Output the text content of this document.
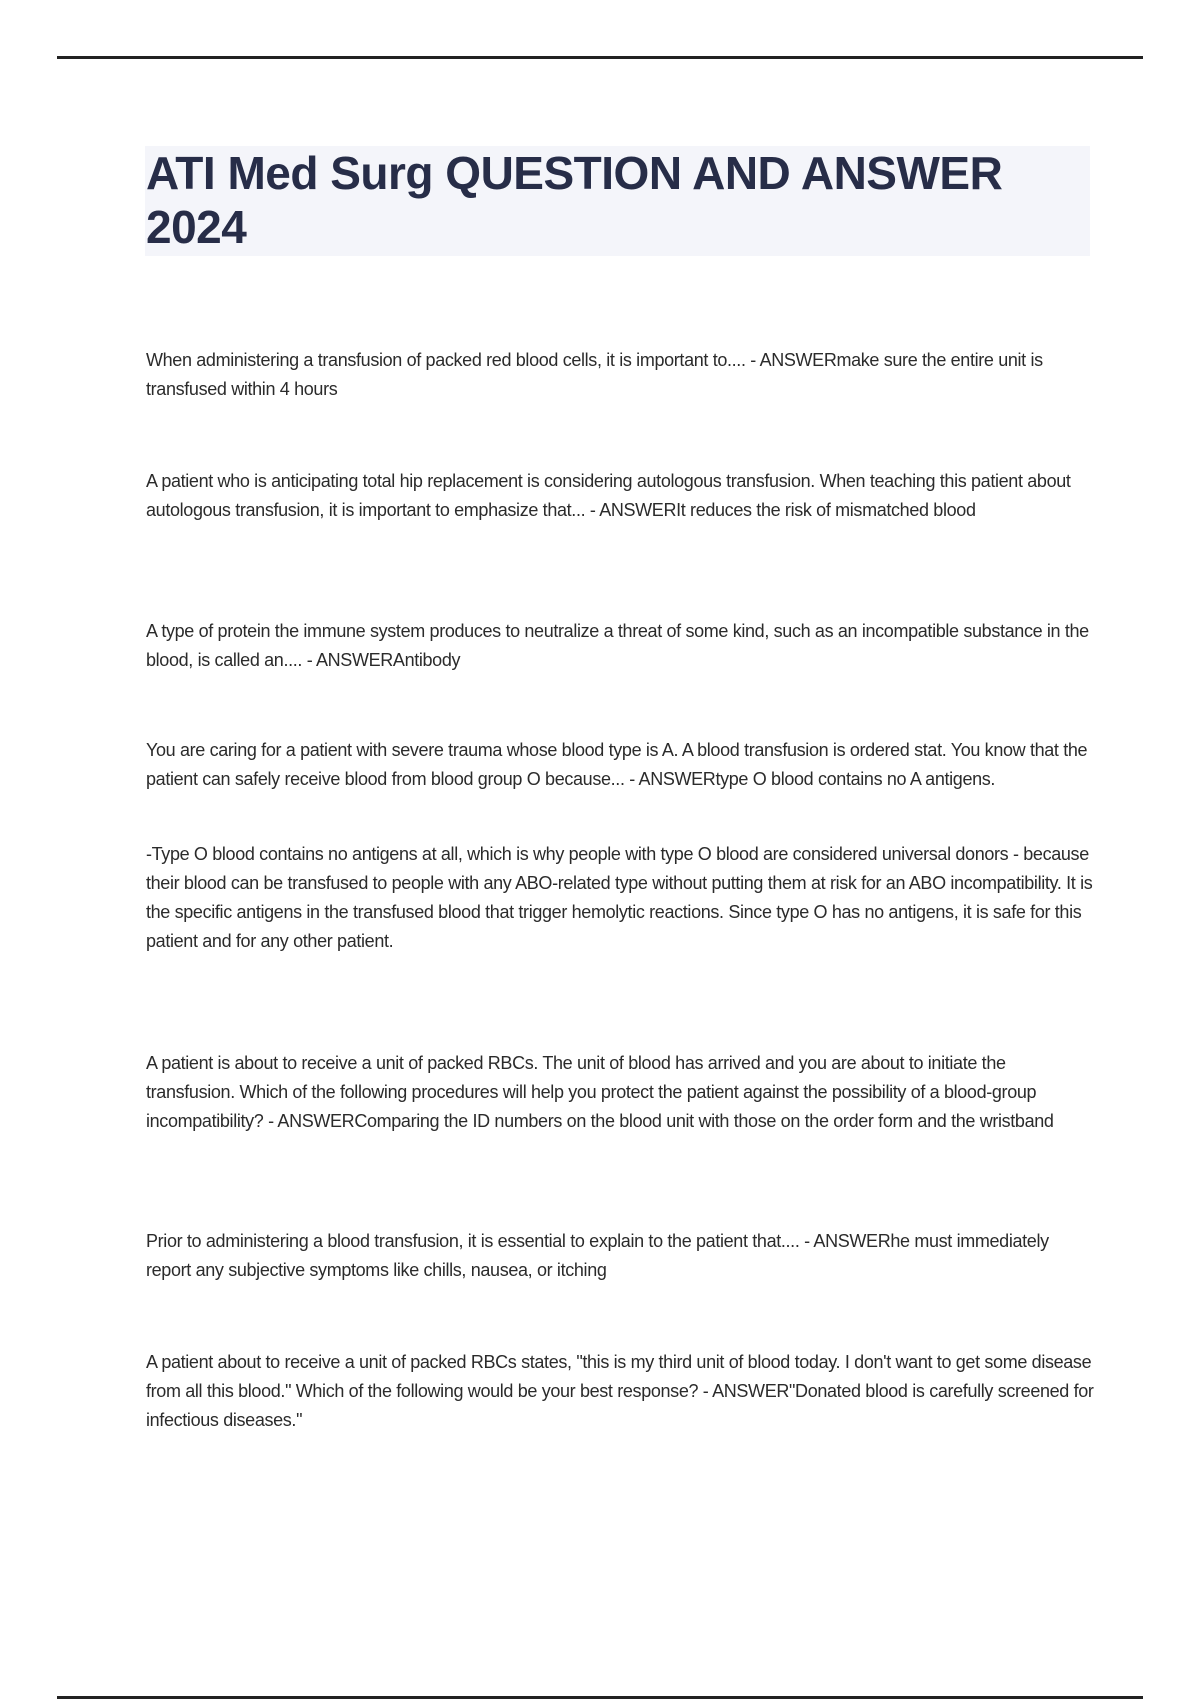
ATI Med Surg QUESTION AND ANSWER 2024

When administering a transfusion of packed red blood cells, it is important to.... - ANSWERmake sure the entire unit is transfused within 4 hours

A patient who is anticipating total hip replacement is considering autologous transfusion. When teaching this patient about autologous transfusion, it is important to emphasize that... - ANSWERIt reduces the risk of mismatched blood

A type of protein the immune system produces to neutralize a threat of some kind, such as an incompatible substance in the blood, is called an.... - ANSWERAntibody

You are caring for a patient with severe trauma whose blood type is A. A blood transfusion is ordered stat. You know that the patient can safely receive blood from blood group O because... - ANSWERtype O blood contains no A antigens.

-Type O blood contains no antigens at all, which is why people with type O blood are considered universal donors - because their blood can be transfused to people with any ABO-related type without putting them at risk for an ABO incompatibility. It is the specific antigens in the transfused blood that trigger hemolytic reactions. Since type O has no antigens, it is safe for this patient and for any other patient.

A patient is about to receive a unit of packed RBCs. The unit of blood has arrived and you are about to initiate the transfusion. Which of the following procedures will help you protect the patient against the possibility of a blood-group incompatibility? - ANSWERComparing the ID numbers on the blood unit with those on the order form and the wristband

Prior to administering a blood transfusion, it is essential to explain to the patient that.... - ANSWERhe must immediately report any subjective symptoms like chills, nausea, or itching

A patient about to receive a unit of packed RBCs states, "this is my third unit of blood today. I don't want to get some disease from all this blood." Which of the following would be your best response? - ANSWER"Donated blood is carefully screened for infectious diseases."
